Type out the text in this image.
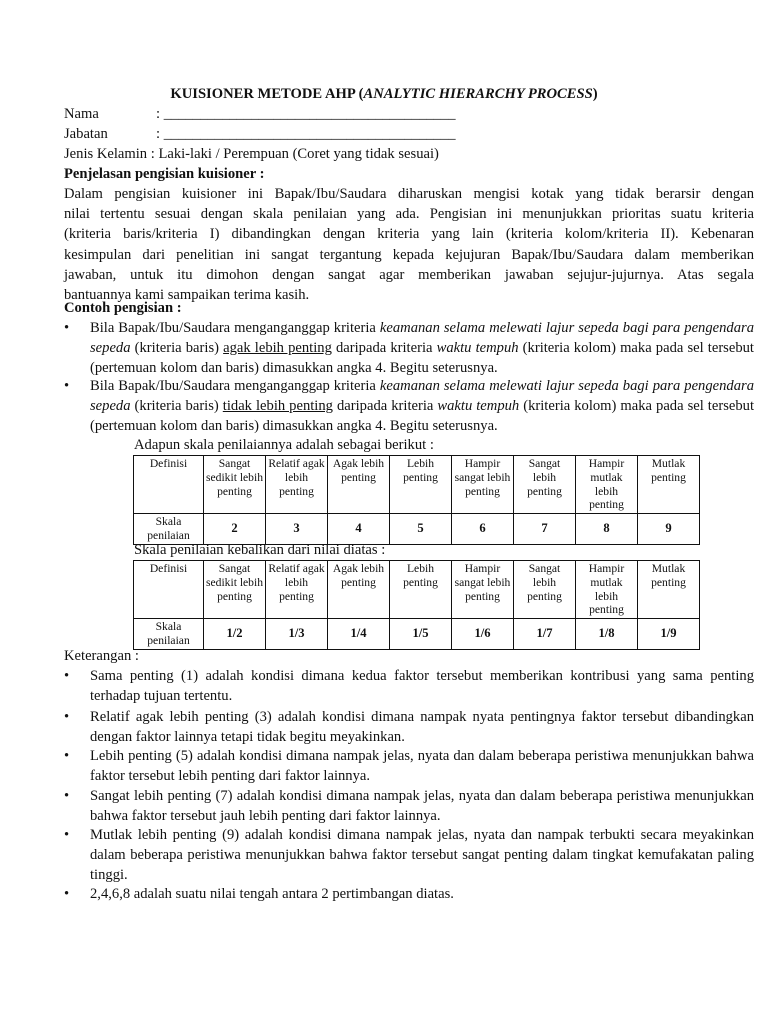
KUISIONER METODE AHP (ANALYTIC HIERARCHY PROCESS)
Nama	: ________________________________________
Jabatan	: ________________________________________
Jenis Kelamin : Laki-laki / Perempuan (Coret yang tidak sesuai)
Penjelasan pengisian kuisioner :

Dalam pengisian kuisioner ini Bapak/Ibu/Saudara diharuskan mengisi kotak yang tidak berarsir dengan

nilai tertentu sesuai dengan skala penilaian yang ada. Pengisian ini menunjukkan prioritas suatu kriteria

(kriteria baris/kriteria I) dibandingkan dengan kriteria yang lain (kriteria kolom/kriteria II). Kebenaran

kesimpulan dari penelitian ini sangat tergantung kepada kejujuran Bapak/Ibu/Saudara dalam memberikan

jawaban, untuk itu dimohon dengan sangat agar memberikan jawaban sejujur-jujurnya. Atas segala

bantuannya kami sampaikan terima kasih.

Contoh pengisian :
•	Bila Bapak/Ibu/Saudara menganganggap kriteria keamanan selama melewati lajur sepeda bagi para pengendara sepeda (kriteria baris) agak lebih penting daripada kriteria waktu tempuh (kriteria kolom) maka pada sel tersebut (pertemuan kolom dan baris) dimasukkan angka 4. Begitu seterusnya.
•	Bila Bapak/Ibu/Saudara menganganggap kriteria keamanan selama melewati lajur sepeda bagi para pengendara sepeda (kriteria baris) tidak lebih penting daripada kriteria waktu tempuh (kriteria kolom) maka pada sel tersebut (pertemuan kolom dan baris) dimasukkan angka 4. Begitu seterusnya.
Adapun skala penilaiannya adalah sebagai berikut :
Definisi	Sangat sedikit lebih penting	Relatif agak lebih penting	Agak lebih penting	Lebih penting	Hampir sangat lebih penting	Sangat lebih penting	Hampir mutlak lebih penting	Mutlak penting
Skala penilaian	2	3	4	5	6	7	8	9
Skala penilaian kebalikan dari nilai diatas :
Definisi	Sangat sedikit lebih penting	Relatif agak lebih penting	Agak lebih penting	Lebih penting	Hampir sangat lebih penting	Sangat lebih penting	Hampir mutlak lebih penting	Mutlak penting
Skala penilaian	1/2	1/3	1/4	1/5	1/6	1/7	1/8	1/9
Keterangan :
•	Sama penting (1) adalah kondisi dimana kedua faktor tersebut memberikan kontribusi yang sama penting terhadap tujuan tertentu.
•	Relatif agak lebih penting (3) adalah kondisi dimana nampak nyata pentingnya faktor tersebut dibandingkan dengan faktor lainnya tetapi tidak begitu meyakinkan.
•	Lebih penting (5) adalah kondisi dimana nampak jelas, nyata dan dalam beberapa peristiwa menunjukkan bahwa faktor tersebut lebih penting dari faktor lainnya.
•	Sangat lebih penting (7) adalah kondisi dimana nampak jelas, nyata dan dalam beberapa peristiwa menunjukkan bahwa faktor tersebut jauh lebih penting dari faktor lainnya.
•	Mutlak lebih penting (9) adalah kondisi dimana nampak jelas, nyata dan nampak terbukti secara meyakinkan dalam beberapa peristiwa menunjukkan bahwa faktor tersebut sangat penting dalam tingkat kemufakatan paling tinggi.
•	2,4,6,8 adalah suatu nilai tengah antara 2 pertimbangan diatas.
